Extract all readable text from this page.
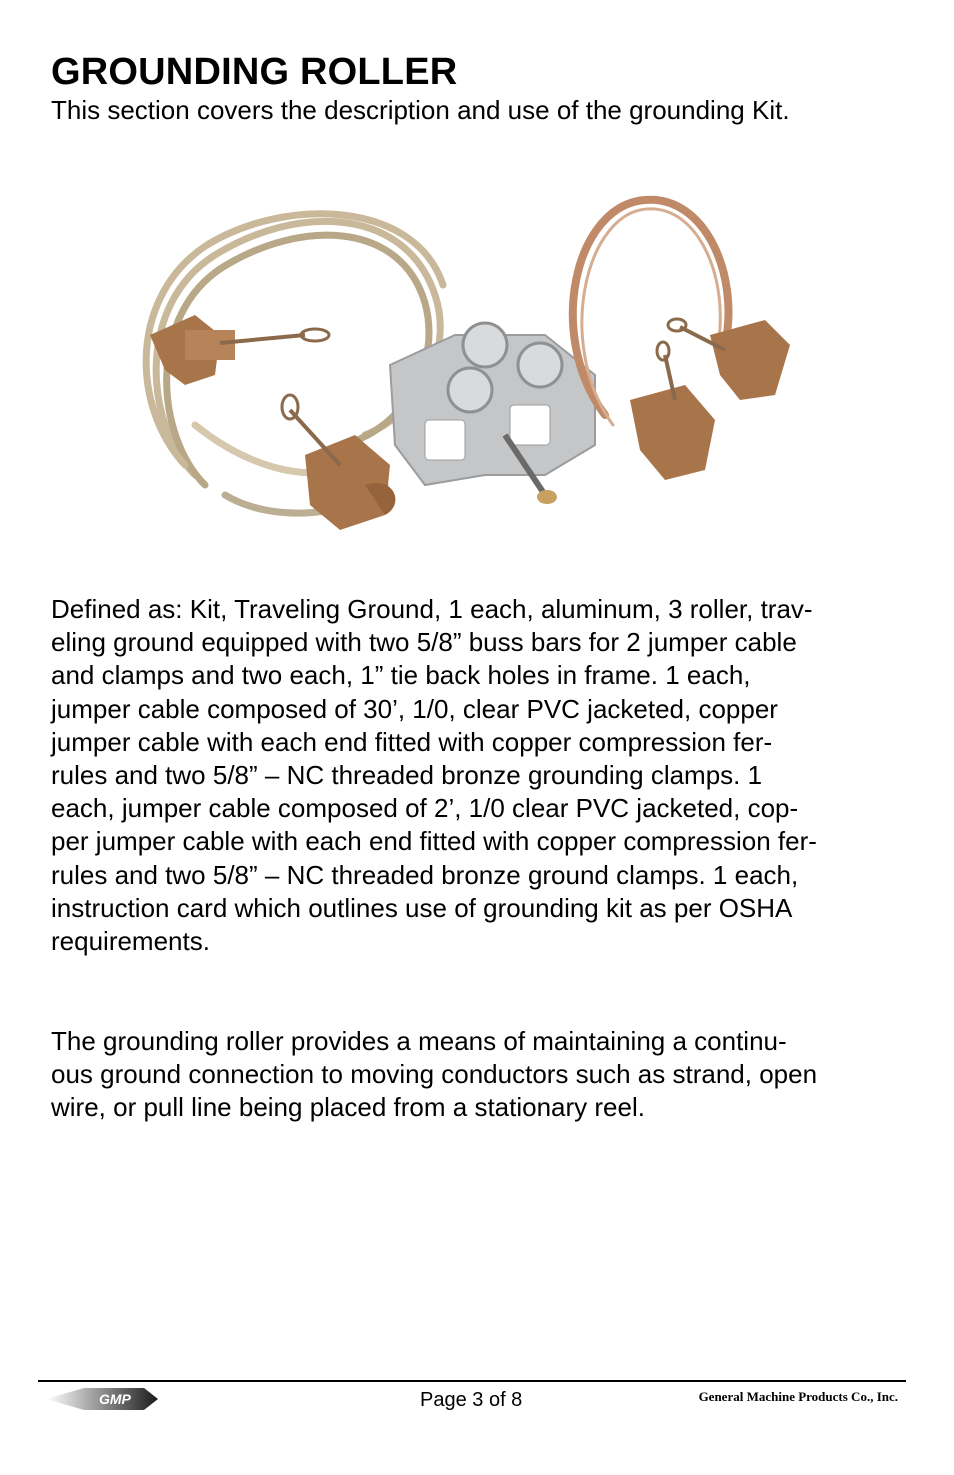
GROUNDING ROLLER

This section covers the description and use of the grounding Kit.

Defined as: Kit, Traveling Ground, 1 each, aluminum, 3 roller, trav-
eling ground equipped with two 5/8” buss bars for 2 jumper cable
and clamps and two each, 1” tie back holes in frame. 1 each,
jumper cable composed of 30’, 1/0, clear PVC jacketed, copper
jumper cable with each end fitted with copper compression fer-
rules and two 5/8” – NC threaded bronze grounding clamps. 1
each, jumper cable composed of 2’, 1/0 clear PVC jacketed, cop-
per jumper cable with each end fitted with copper compression fer-
rules and two 5/8” – NC threaded bronze ground clamps. 1 each,
instruction card which outlines use of grounding kit as per OSHA
requirements.

The grounding roller provides a means of maintaining a continu-
ous ground connection to moving conductors such as strand, open
wire, or pull line being placed from a stationary reel.

GMP	Page 3 of 8	General Machine Products Co., Inc.
